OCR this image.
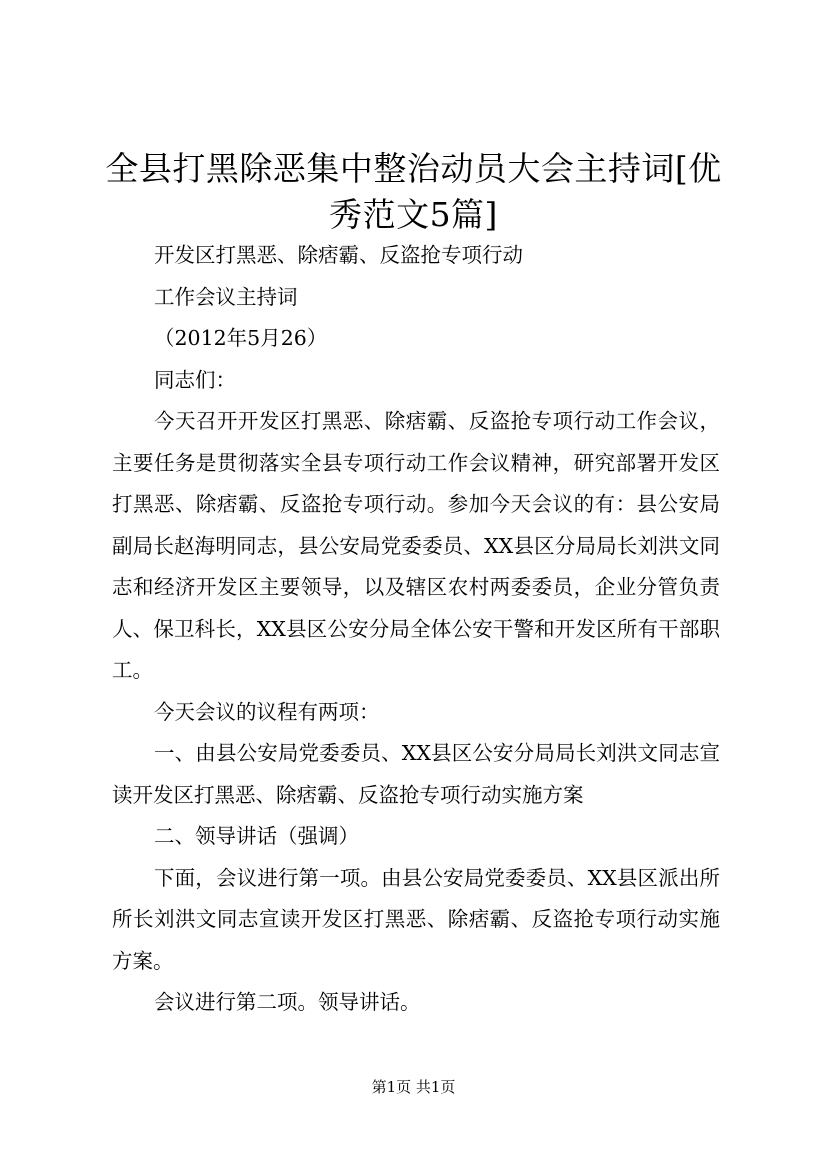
全县打黑除恶集中整治动员大会主持词[优秀范文5篇]

开发区打黑恶、除痞霸、反盗抢专项行动

工作会议主持词

（2012年5月26）

同志们：

今天召开开发区打黑恶、除痞霸、反盗抢专项行动工作会议，主要任务是贯彻落实全县专项行动工作会议精神，研究部署开发区打黑恶、除痞霸、反盗抢专项行动。参加今天会议的有：县公安局副局长赵海明同志，县公安局党委委员、XX县区分局局长刘洪文同志和经济开发区主要领导，以及辖区农村两委委员，企业分管负责人、保卫科长，XX县区公安分局全体公安干警和开发区所有干部职工。

今天会议的议程有两项：

一、由县公安局党委委员、XX县区公安分局局长刘洪文同志宣读开发区打黑恶、除痞霸、反盗抢专项行动实施方案

二、领导讲话（强调）

下面，会议进行第一项。由县公安局党委委员、XX县区派出所所长刘洪文同志宣读开发区打黑恶、除痞霸、反盗抢专项行动实施方案。

会议进行第二项。领导讲话。

第1页 共1页
